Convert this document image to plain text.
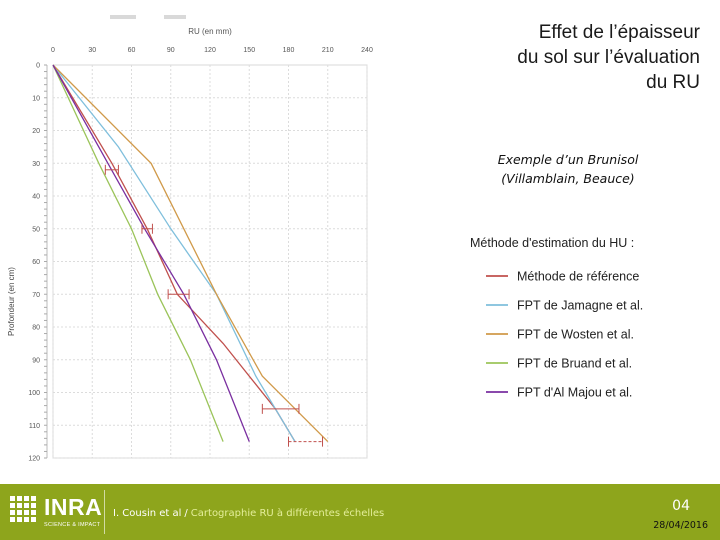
0	30	60	90	120	150	180	210	240
0
10
20
30
40
50
60
70
80
90
100
110
120
RU (en mm)
Profondeur (en cm)
Méthode d'estimation du HU :
Méthode de référence
FPT de Jamagne et al.
FPT de Wosten et al.
FPT de Bruand et al.
FPT d'Al Majou et al.
Effet de l’épaisseur
du sol sur l’évaluation
du RU
Exemple d’un Brunisol
(Villamblain, Beauce)
INRA
SCIENCE & IMPACT
I. Cousin et al / Cartographie RU à différentes échelles	04
28/04/2016
